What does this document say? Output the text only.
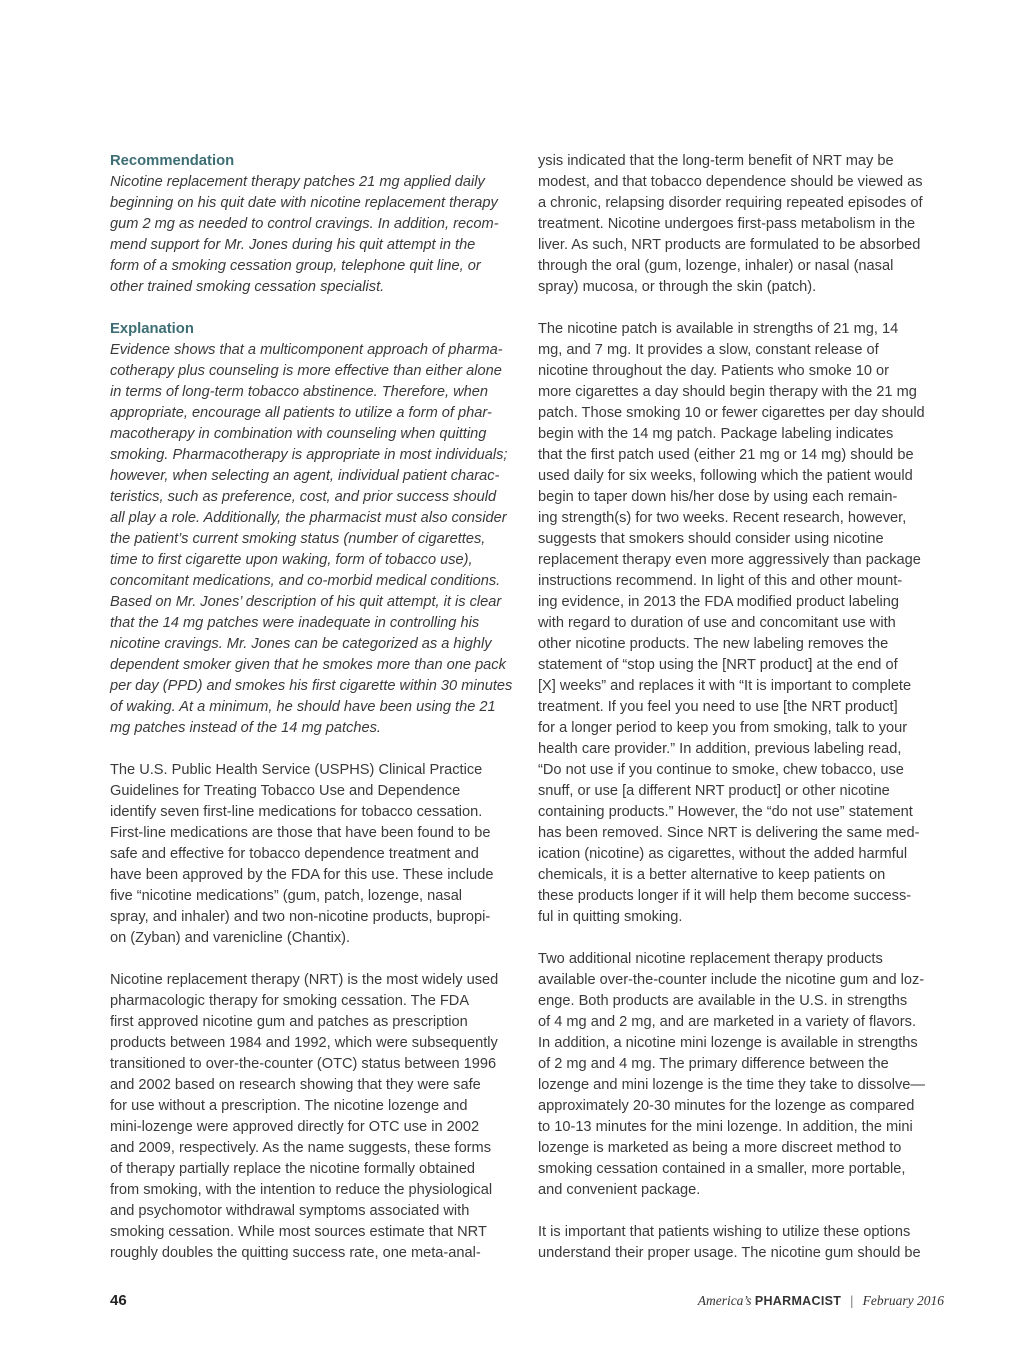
Recommendation

Nicotine replacement therapy patches 21 mg applied daily
beginning on his quit date with nicotine replacement therapy
gum 2 mg as needed to control cravings. In addition, recom-
mend support for Mr. Jones during his quit attempt in the
form of a smoking cessation group, telephone quit line, or
other trained smoking cessation specialist.

Explanation

Evidence shows that a multicomponent approach of pharma-
cotherapy plus counseling is more effective than either alone
in terms of long-term tobacco abstinence. Therefore, when
appropriate, encourage all patients to utilize a form of phar-
macotherapy in combination with counseling when quitting
smoking. Pharmacotherapy is appropriate in most individuals;
however, when selecting an agent, individual patient charac-
teristics, such as preference, cost, and prior success should
all play a role. Additionally, the pharmacist must also consider
the patient’s current smoking status (number of cigarettes,
time to first cigarette upon waking, form of tobacco use),
concomitant medications, and co-morbid medical conditions.
Based on Mr. Jones’ description of his quit attempt, it is clear
that the 14 mg patches were inadequate in controlling his
nicotine cravings. Mr. Jones can be categorized as a highly
dependent smoker given that he smokes more than one pack
per day (PPD) and smokes his first cigarette within 30 minutes
of waking. At a minimum, he should have been using the 21
mg patches instead of the 14 mg patches.

The U.S. Public Health Service (USPHS) Clinical Practice
Guidelines for Treating Tobacco Use and Dependence
identify seven first-line medications for tobacco cessation.
First-line medications are those that have been found to be
safe and effective for tobacco dependence treatment and
have been approved by the FDA for this use. These include
five “nicotine medications” (gum, patch, lozenge, nasal
spray, and inhaler) and two non-nicotine products, bupropi-
on (Zyban) and varenicline (Chantix).

Nicotine replacement therapy (NRT) is the most widely used
pharmacologic therapy for smoking cessation. The FDA
first approved nicotine gum and patches as prescription
products between 1984 and 1992, which were subsequently
transitioned to over-the-counter (OTC) status between 1996
and 2002 based on research showing that they were safe
for use without a prescription. The nicotine lozenge and
mini-lozenge were approved directly for OTC use in 2002
and 2009, respectively. As the name suggests, these forms
of therapy partially replace the nicotine formally obtained
from smoking, with the intention to reduce the physiological
and psychomotor withdrawal symptoms associated with
smoking cessation. While most sources estimate that NRT
roughly doubles the quitting success rate, one meta-anal-

ysis indicated that the long-term benefit of NRT may be
modest, and that tobacco dependence should be viewed as
a chronic, relapsing disorder requiring repeated episodes of
treatment. Nicotine undergoes first-pass metabolism in the
liver. As such, NRT products are formulated to be absorbed
through the oral (gum, lozenge, inhaler) or nasal (nasal
spray) mucosa, or through the skin (patch).

The nicotine patch is available in strengths of 21 mg, 14
mg, and 7 mg. It provides a slow, constant release of
nicotine throughout the day. Patients who smoke 10 or
more cigarettes a day should begin therapy with the 21 mg
patch. Those smoking 10 or fewer cigarettes per day should
begin with the 14 mg patch. Package labeling indicates
that the first patch used (either 21 mg or 14 mg) should be
used daily for six weeks, following which the patient would
begin to taper down his/her dose by using each remain-
ing strength(s) for two weeks. Recent research, however,
suggests that smokers should consider using nicotine
replacement therapy even more aggressively than package
instructions recommend. In light of this and other mount-
ing evidence, in 2013 the FDA modified product labeling
with regard to duration of use and concomitant use with
other nicotine products. The new labeling removes the
statement of “stop using the [NRT product] at the end of
[X] weeks” and replaces it with “It is important to complete
treatment. If you feel you need to use [the NRT product]
for a longer period to keep you from smoking, talk to your
health care provider.” In addition, previous labeling read,
“Do not use if you continue to smoke, chew tobacco, use
snuff, or use [a different NRT product] or other nicotine
containing products.” However, the “do not use” statement
has been removed. Since NRT is delivering the same med-
ication (nicotine) as cigarettes, without the added harmful
chemicals, it is a better alternative to keep patients on
these products longer if it will help them become success-
ful in quitting smoking.

Two additional nicotine replacement therapy products
available over-the-counter include the nicotine gum and loz-
enge. Both products are available in the U.S. in strengths
of 4 mg and 2 mg, and are marketed in a variety of flavors.
In addition, a nicotine mini lozenge is available in strengths
of 2 mg and 4 mg. The primary difference between the
lozenge and mini lozenge is the time they take to dissolve—
approximately 20-30 minutes for the lozenge as compared
to 10-13 minutes for the mini lozenge. In addition, the mini
lozenge is marketed as being a more discreet method to
smoking cessation contained in a smaller, more portable,
and convenient package.

It is important that patients wishing to utilize these options
understand their proper usage. The nicotine gum should be

46	America’s PHARMACIST | February 2016
